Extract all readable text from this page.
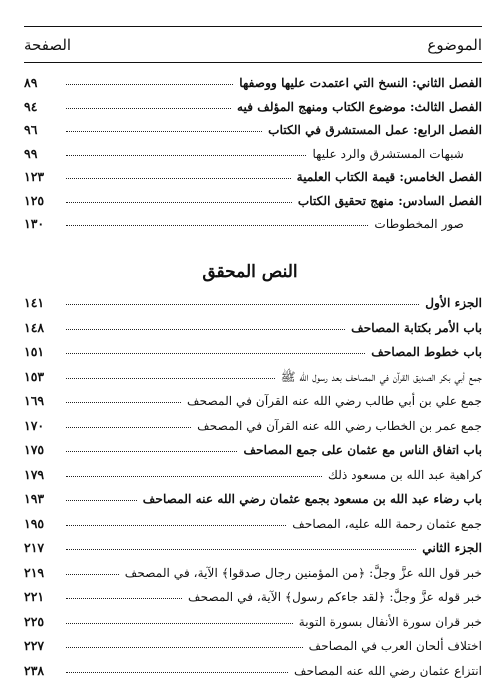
الموضوع
الصفحة
الفصل الثاني: النسخ التي اعتمدت عليها ووصفها
٨٩
الفصل الثالث: موضوع الكتاب ومنهج المؤلف فيه
٩٤
الفصل الرابع: عمل المستشرق في الكتاب
٩٦
شبهات المستشرق والرد عليها
٩٩
الفصل الخامس: قيمة الكتاب العلمية
١٢٣
الفصل السادس: منهج تحقيق الكتاب
١٢٥
صور المخطوطات
١٣٠
النص المحقق
الجزء الأول
١٤١
باب الأمر بكتابة المصاحف
١٤٨
باب خطوط المصاحف
١٥١
جمع أبي بكر الصديق القرآن في المصاحف بعد رسول الله ﷺ
١٥٣
جمع علي بن أبي طالب رضي الله عنه القرآن في المصحف
١٦٩
جمع عمر بن الخطاب رضي الله عنه القرآن في المصحف
١٧٠
باب اتفاق الناس مع عثمان على جمع المصاحف
١٧٥
كراهية عبد الله بن مسعود ذلك
١٧٩
باب رضاء عبد الله بن مسعود بجمع عثمان رضي الله عنه المصاحف
١٩٣
جمع عثمان رحمة الله عليه، المصاحف
١٩٥
الجزء الثاني
٢١٧
خبر قول الله عزَّ وجلَّ: ﴿من المؤمنين رجال صدقوا﴾ الآية، في المصحف
٢١٩
خبر قوله عزَّ وجلَّ: ﴿لقد جاءكم رسول﴾ الآية، في المصحف
٢٢١
خبر قران سورة الأنفال بسورة التوبة
٢٢٥
اختلاف ألحان العرب في المصاحف
٢٢٧
انتزاع عثمان رضي الله عنه المصاحف
٢٣٨
